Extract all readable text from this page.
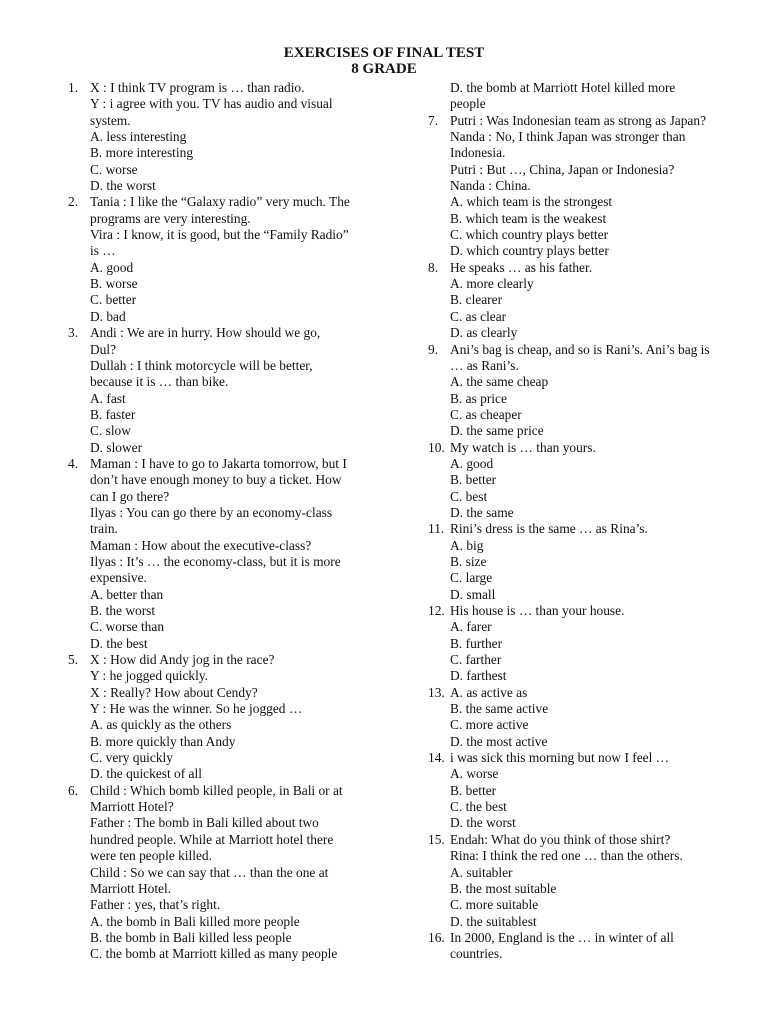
EXERCISES OF FINAL TEST
8 GRADE
1. X : I think TV program is … than radio.
Y : i agree with you. TV has audio and visual
system.
A. less interesting
B. more interesting
C. worse
D. the worst
2. Tania : I like the “Galaxy radio” very much. The
programs are very interesting.
Vira : I know, it is good, but the “Family Radio”
is …
A. good
B. worse
C. better
D. bad
3. Andi : We are in hurry. How should we go,
Dul?
Dullah : I think motorcycle will be better,
because it is … than bike.
A. fast
B. faster
C. slow
D. slower
4. Maman : I have to go to Jakarta tomorrow, but I
don’t have enough money to buy a ticket. How
can I go there?
Ilyas : You can go there by an economy-class
train.
Maman : How about the executive-class?
Ilyas : It’s … the economy-class, but it is more
expensive.
A. better than
B. the worst
C. worse than
D. the best
5. X : How did Andy jog in the race?
Y : he jogged quickly.
X : Really? How about Cendy?
Y : He was the winner. So he jogged …
A. as quickly as the others
B. more quickly than Andy
C. very quickly
D. the quickest of all
6. Child : Which bomb killed people, in Bali or at
Marriott Hotel?
Father : The bomb in Bali killed about two
hundred people. While at Marriott hotel there
were ten people killed.
Child : So we can say that … than the one at
Marriott Hotel.
Father : yes, that’s right.
A. the bomb in Bali killed more people
B. the bomb in Bali killed less people
C. the bomb at Marriott killed as many people
D. the bomb at Marriott Hotel killed more
people
7. Putri : Was Indonesian team as strong as Japan?
Nanda : No, I think Japan was stronger than
Indonesia.
Putri : But …, China, Japan or Indonesia?
Nanda : China.
A. which team is the strongest
B. which team is the weakest
C. which country plays better
D. which country plays better
8. He speaks … as his father.
A. more clearly
B. clearer
C. as clear
D. as clearly
9. Ani’s bag is cheap, and so is Rani’s. Ani’s bag is
… as Rani’s.
A. the same cheap
B. as price
C. as cheaper
D. the same price
10. My watch is … than yours.
A. good
B. better
C. best
D. the same
11. Rini’s dress is the same … as Rina’s.
A. big
B. size
C. large
D. small
12. His house is … than your house.
A. farer
B. further
C. farther
D. farthest
13. A. as active as
B. the same active
C. more active
D. the most active
14. i was sick this morning but now I feel …
A. worse
B. better
C. the best
D. the worst
15. Endah: What do you think of those shirt?
Rina: I think the red one … than the others.
A. suitabler
B. the most suitable
C. more suitable
D. the suitablest
16. In 2000, England is the … in winter of all
countries.
